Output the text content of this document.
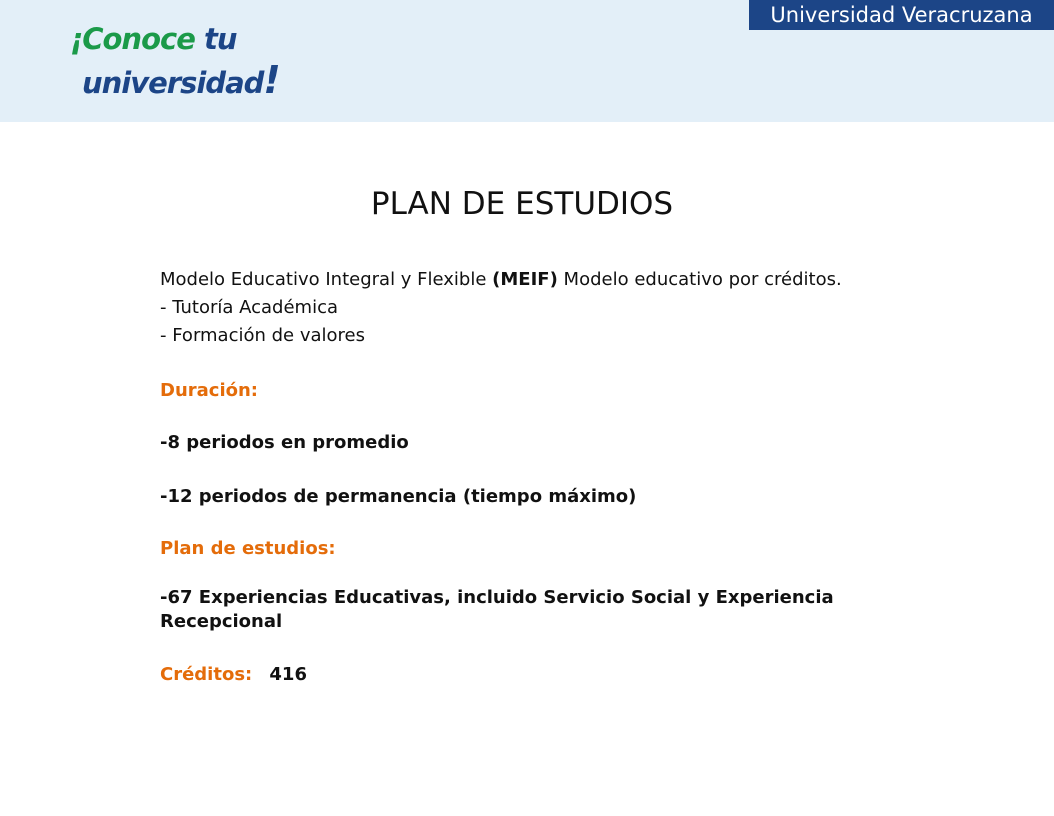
¡Conoce tu
universidad!
Universidad Veracruzana
PLAN DE ESTUDIOS
Modelo Educativo Integral y Flexible (MEIF) Modelo educativo por créditos.
- Tutoría Académica
- Formación de valores
Duración:
-8 periodos en promedio
-12 periodos de permanencia (tiempo máximo)
Plan de estudios:
-67 Experiencias Educativas, incluido Servicio Social y Experiencia Recepcional
Créditos: 416
